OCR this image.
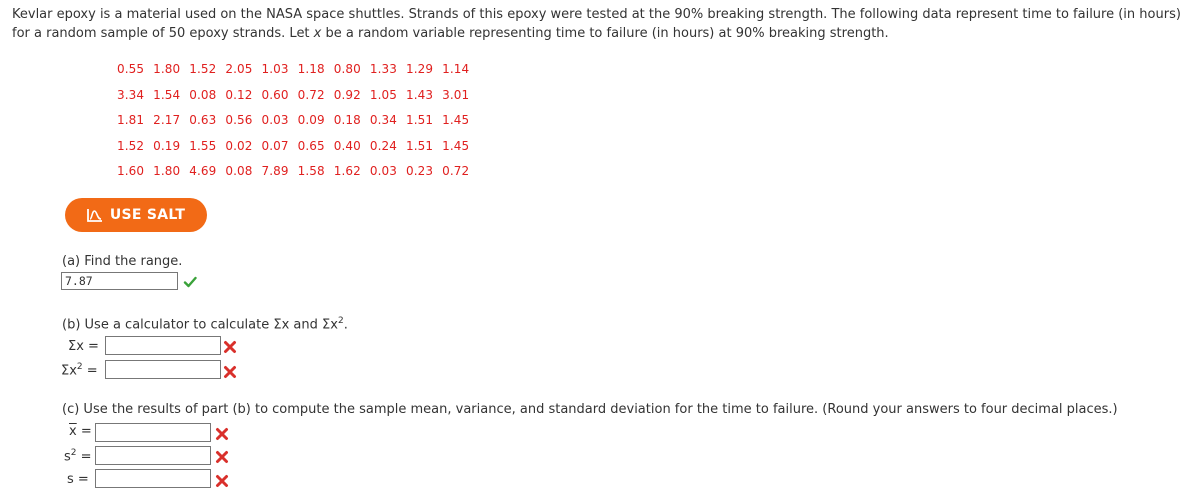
Kevlar epoxy is a material used on the NASA space shuttles. Strands of this epoxy were tested at the 90% breaking strength. The following data represent time to failure (in hours) for a random sample of 50 epoxy strands. Let x be a random variable representing time to failure (in hours) at 90% breaking strength.
0.55 1.80 1.52 2.05 1.03 1.18 0.80 1.33 1.29 1.14
3.34 1.54 0.08 0.12 0.60 0.72 0.92 1.05 1.43 3.01
1.81 2.17 0.63 0.56 0.03 0.09 0.18 0.34 1.51 1.45
1.52 0.19 1.55 0.02 0.07 0.65 0.40 0.24 1.51 1.45
1.60 1.80 4.69 0.08 7.89 1.58 1.62 0.03 0.23 0.72
USE SALT
(a) Find the range.
7.87
(b) Use a calculator to calculate Σx and $\Sigma x^2$.
Σx =
$\Sigma x^2$ =
(c) Use the results of part (b) to compute the sample mean, variance, and standard deviation for the time to failure. (Round your answers to four decimal places.)
$\overline{x}$ =
$s^2$ =
s =
